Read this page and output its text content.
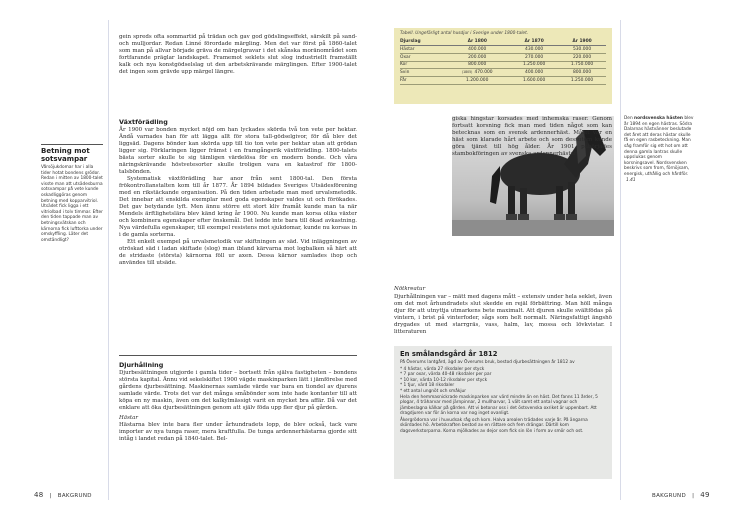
gein spreds ofta sommartid på trädan och gav god gödslingseffekt, särskilt på sand- och mulljordar. Redan Linné förordade märgling. Men det var först på 1860-talet som man på allvar började gräva de märgelgravar i det skånska moränområdet som fortfarande präglar landskapet. Framemot seklets slut slog industriellt framställt kalk och nya konstgödselslag ut den arbetskrävande märglingen. Efter 1900-talet det ingen som grävde upp märgel längre.

Växtförädling

År 1900 var bonden mycket nöjd om han lyckades skörda två ton vete per hektar. Ändå varnades han för att lägga allt för stora tall-gödselgivor, för då blev det liggsäd. Dagens bönder kan skörda upp till tio ton vete per hektar utan att grödan ligger sig. Förklaringen ligger främst i en framgångsrik växtförädling. 1800-talets bästa sorter skulle te sig tämligen värdelösa för en modern bonde. Och våra näringskrävande höstvetesorter skulle troligen vara en katastrof för 1800-talsbönden.

Systematisk växtförädling har anor från sent 1800-tal. Den första frökontrollanstalten kom till år 1877. År 1894 bildades Sveriges Utsädesförening med en rikstäckande organisation. På den tiden arbetade man med urvalsmetodik. Det innebar att enskilda exemplar med goda egenskaper valdes ut och förökades. Det gav betydande lyft. Men ännu större ett stort kliv framåt kunde man ta när Mendels ärftlighetslära blev känd kring år 1900. Nu kunde man korsa olika växter och kombinera egenskaper efter önskemål. Det ledde inte bara till ökad avkastning. Nya värdefulla egenskaper, till exempel resistens mot sjukdomar, kunde nu korsas in i de gamla sorterna.

Ett enkelt exempel på urvalsmetodik var skiftningen av säd. Vid inläggningen av otröskad säd i ladan skiftade (slog) man ibland kärvarna mot logbalken så härt att de stridaste (största) kärnorna föll ur axen. Dessa kärnor samlades ihop och användes till utsäde.

Betning mot sotsvampar
Vårsöjukdomar har i alla tider hotat bondens grödor. Redan i mitten av 1800-talet visste man att utsädesburna sotsvampar på vete kunde oskadliggöras genom betning med kopparvitriol. Utsädet fick ligga i ett vitriolbad i tolv timmar. Efter den tiden tappade man av betningsvätskan och kärnorna fick lufttorka under omskyffling. Läter det omständligt?
Djurhållning

Djurbesättningen utgjorde i gamla tider – bortsett från själva fastigheten – bondens största kapital. Ännu vid sekelskiftet 1900 vägde maskinparken lätt i jämförelse med gårdens djurbesättning. Maskinernas samlade värde var bara en tiondel av djurens samlade värde. Trots det var det många småbönder som inte hade kontanter till att köpa en ny maskin, även om det kalkylmässigt varit en mycket bra affär. Då var det enklare att öka djurbesättningen genom att själv föda upp fler djur på gården.

Hästar

Hästarna blev inte bara fler under århundradets lopp, de blev också, tack vare importer av nya tunga raser, mera kraftfulla. De tunga ardennerhästarna gjorde sitt intåg i landet redan på 1840-talet. Bel-

48 | BAKGRUND
Tabell. Ungefärligt antal husdjur i Sverige under 1800-talet.
Djurslag	År 1800	År 1870	År 1900
Hästar	400.000	430.000	530.000
Oxar	200.000	270.000	220.000
Kor	800.000	1.250.000	1.750.000
Svin	(1805) 470.000	400.000	800.000
Får	1.200.000	1.600.000	1.250.000
Den nordsvenska hästen blev år 1894 en egen hästras. Södra Dalarnas hästvänner beslutade det året att deras hästar skulle få en egen rasbeteckning. Man såg framför sig ett hot om att denna gamla lantras skulle uppslukas genom korsningsavel. Nordsvensken beskrivs som from, förnöjsam, energisk, uthållig och hårdför. 1.41

giska hingstar korsades med inhemska raser. Genom fortsatt korsning fick man med tiden något som kan betecknas som en svensk ardennerhäst. Målet var en häst som klarade hårt arbete och som dessutom kunde göra tjänst till hög ålder. År 1901 påbörjades stambokföringen av svenska ardennerhästar.

Nötkreatur
Djurhållningen var – mätt med dagens mått – extensiv under hela seklet, även om det mot århundradets slut skedde en rejäl förbättring. Man höll många djur för att utnyttja utmarkens bete maximalt. Att djuren skulle svältfödas på vintern, i brist på vinterfoder, sågs som helt normalt. Näringsfattigt ängshö drygades ut med starrgräs, vass, halm, lav, mossa och lövkvistar. I litteraturen
En smålandsgård år 1812
På Överums lantgård, ägd av Överums bruk, bestod djurbesättningen år 1812 av
* 4 hästar, värda 27 riksdaler per styck
* 7 par oxar, värda 40-48 riksdaler per par
* 10 kor, värda 10-12 riksdaler per styck
* 1 tjur, värd 18 riksdaler
* ett antal ungnöt och småkjur
Hela den hemmasnickrade maskinparken var värd mindre än en häst. Det fanns 11 årder, 5 plogar, 4 träharvar med järnpinnar, 2 mullharvar, 1 vält samt ett antal vagnar och jämbeslagna kälkar på gården. Att vi betonar oss i det östsvenska oxriket är uppenbart. Att dragdjuren var för än korna var nog inget ovanligt.
Åkergrödorna var i huvudsak råg och korn. Halva arealen trädades varje år. På ängarna skördades hö. Arbetskraften bestod av en rättare och fem drängar. Därtill kom dagsverkstorparna. Korna mjölkades av dejor som fick sin lön i form av smör och ost.
BAKGRUND | 49
